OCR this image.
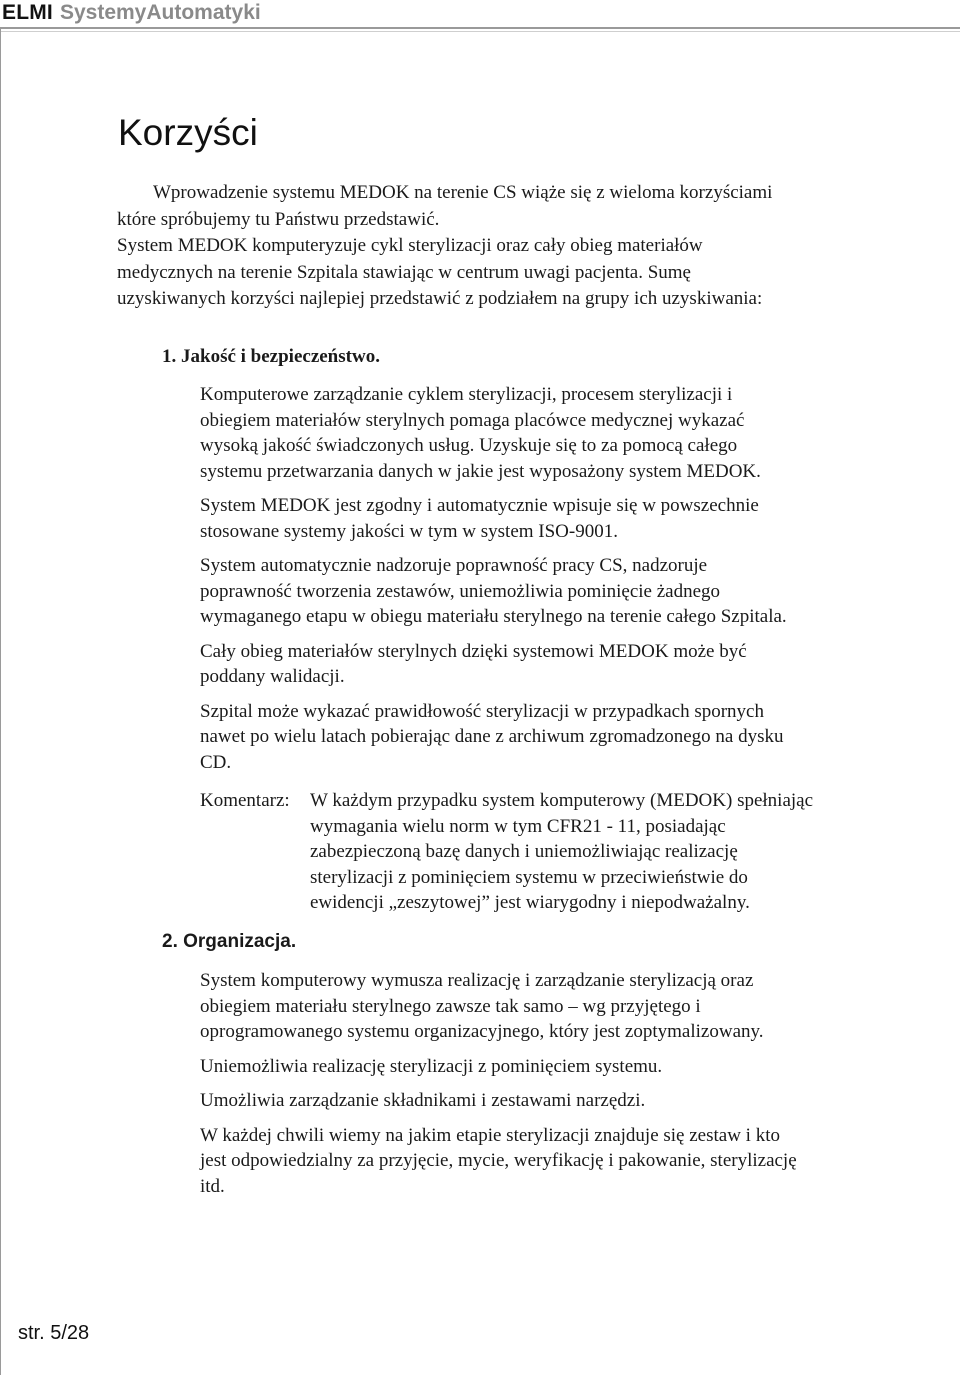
ELMI SystemyAutomatyki
Korzyści
Wprowadzenie systemu MEDOK na terenie CS wiąże się z wieloma korzyściami
które spróbujemy tu Państwu przedstawić.
System MEDOK komputeryzuje cykl sterylizacji oraz cały obieg materiałów
medycznych na terenie Szpitala stawiając w centrum uwagi pacjenta. Sumę
uzyskiwanych korzyści najlepiej przedstawić z podziałem na grupy ich uzyskiwania:
1. Jakość i bezpieczeństwo.
Komputerowe zarządzanie cyklem sterylizacji, procesem sterylizacji i
obiegiem materiałów sterylnych pomaga placówce medycznej wykazać
wysoką jakość świadczonych usług. Uzyskuje się to za pomocą całego
systemu przetwarzania danych w jakie jest wyposażony system MEDOK.
System MEDOK jest zgodny i automatycznie wpisuje się w powszechnie
stosowane systemy jakości w tym w system ISO-9001.
System automatycznie nadzoruje poprawność pracy CS, nadzoruje
poprawność tworzenia zestawów, uniemożliwia pominięcie żadnego
wymaganego etapu w obiegu materiału sterylnego na terenie całego Szpitala.
Cały obieg materiałów sterylnych dzięki systemowi MEDOK może być
poddany walidacji.
Szpital może wykazać prawidłowość sterylizacji w przypadkach spornych
nawet po wielu latach pobierając dane z archiwum zgromadzonego na dysku
CD.
Komentarz: W każdym przypadku system komputerowy (MEDOK) spełniając
wymagania wielu norm w tym CFR21 - 11, posiadając
zabezpieczoną bazę danych i uniemożliwiając realizację
sterylizacji z pominięciem systemu w przeciwieństwie do
ewidencji „zeszytowej” jest wiarygodny i niepodważalny.
2. Organizacja.
System komputerowy wymusza realizację i zarządzanie sterylizacją oraz
obiegiem materiału sterylnego zawsze tak samo – wg przyjętego i
oprogramowanego systemu organizacyjnego, który jest zoptymalizowany.
Uniemożliwia realizację sterylizacji z pominięciem systemu.
Umożliwia zarządzanie składnikami i zestawami narzędzi.
W każdej chwili wiemy na jakim etapie sterylizacji znajduje się zestaw i kto
jest odpowiedzialny za przyjęcie, mycie, weryfikację i pakowanie, sterylizację
itd.
str. 5/28
